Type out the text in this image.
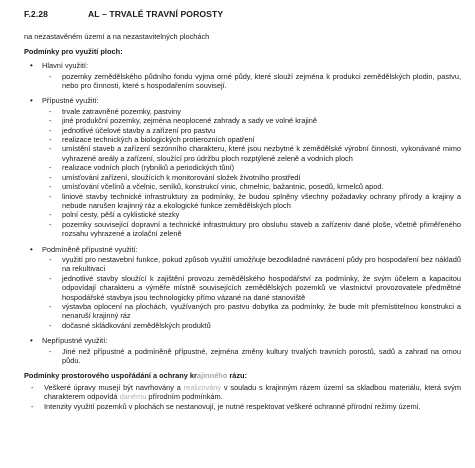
F.2.28	AL – TRVALÉ TRAVNÍ POROSTY
na nezastavěném území a na nezastavitelných plochách
Podmínky pro využití ploch:
• Hlavní využití:
- pozemky zemědělského půdního fondu vyjma orné půdy, které slouží zejména k produkci zemědělských plodin, pastvu, nebo pro činnosti, které s hospodařením souvisejí.
• Přípustné využití:
- trvale zatravněné pozemky, pastviny
- jiné produkční pozemky, zejména neoplocené zahrady a sady ve volné krajině
- jednotlivé účelové stavby a zařízení pro pastvu
- realizace technických a biologických protierozních opatření
- umístění staveb a zařízení sezónního charakteru, které jsou nezbytné k zemědělské výrobní činnosti, vykonávané mimo vyhrazené areály a zařízení, sloužící pro údržbu ploch rozptýlené zeleně a vodních ploch
- realizace vodních ploch (rybníků a periodických tůní)
- umísťování zařízení, sloužících k monitorování složek životního prostředí
- umísťování včelínů a včelnic, seníků, konstrukcí vinic, chmelnic, bažantnic, posedů, krmelců apod.
- liniové stavby technické infrastruktury za podmínky, že budou splněny všechny požadavky ochrany přírody a krajiny a nebude narušen krajinný ráz a ekologické funkce zemědělských ploch
- polní cesty, pěší a cyklistické stezky
- pozemky související dopravní a technické infrastruktury pro obsluhu staveb a zařízeniv dané ploše, včetně přiměřeného rozsahu vyhrazené a izolační zeleně
• Podmíněně přípustné využití:
- využití pro nestavební funkce, pokud způsob využití umožňuje bezodkladné navrácení půdy pro hospodaření bez nákladů na rekultivaci
- jednotlivé stavby sloužící k zajištění provozu zemědělského hospodářství za podmínky, že svým účelem a kapacitou odpovídají charakteru a výměře místně souvisejících zemědělských pozemků ve vlastnictví provozovatele předmětné hospodářské stavbya jsou technologicky přímo vázané na dané stanoviště
- výstavba oplocení na plochách, využívaných pro pastvu dobytka za podmínky, že bude mít přemístitelnou konstrukci a nenaruší krajinný ráz
- dočasné skládkování zemědělských produktů
• Nepřípustné využití:
- Jiné než přípustné a podmíněně přípustné, zejména změny kultury trvalých travních porostů, sadů a zahrad na ornou půdu.
Podmínky prostorového uspořádání a ochrany krajinného rázu:
- Veškeré úpravy musejí být navrhovány a realizovány v souladu s krajinným rázem území sa skladbou materiálu, která svým charakterem odpovídá danému přírodním podmínkám.
- Intenzity využití pozemků v plochách se nestanovují, je nutné respektovat veškeré ochranné přírodní režimy území.
